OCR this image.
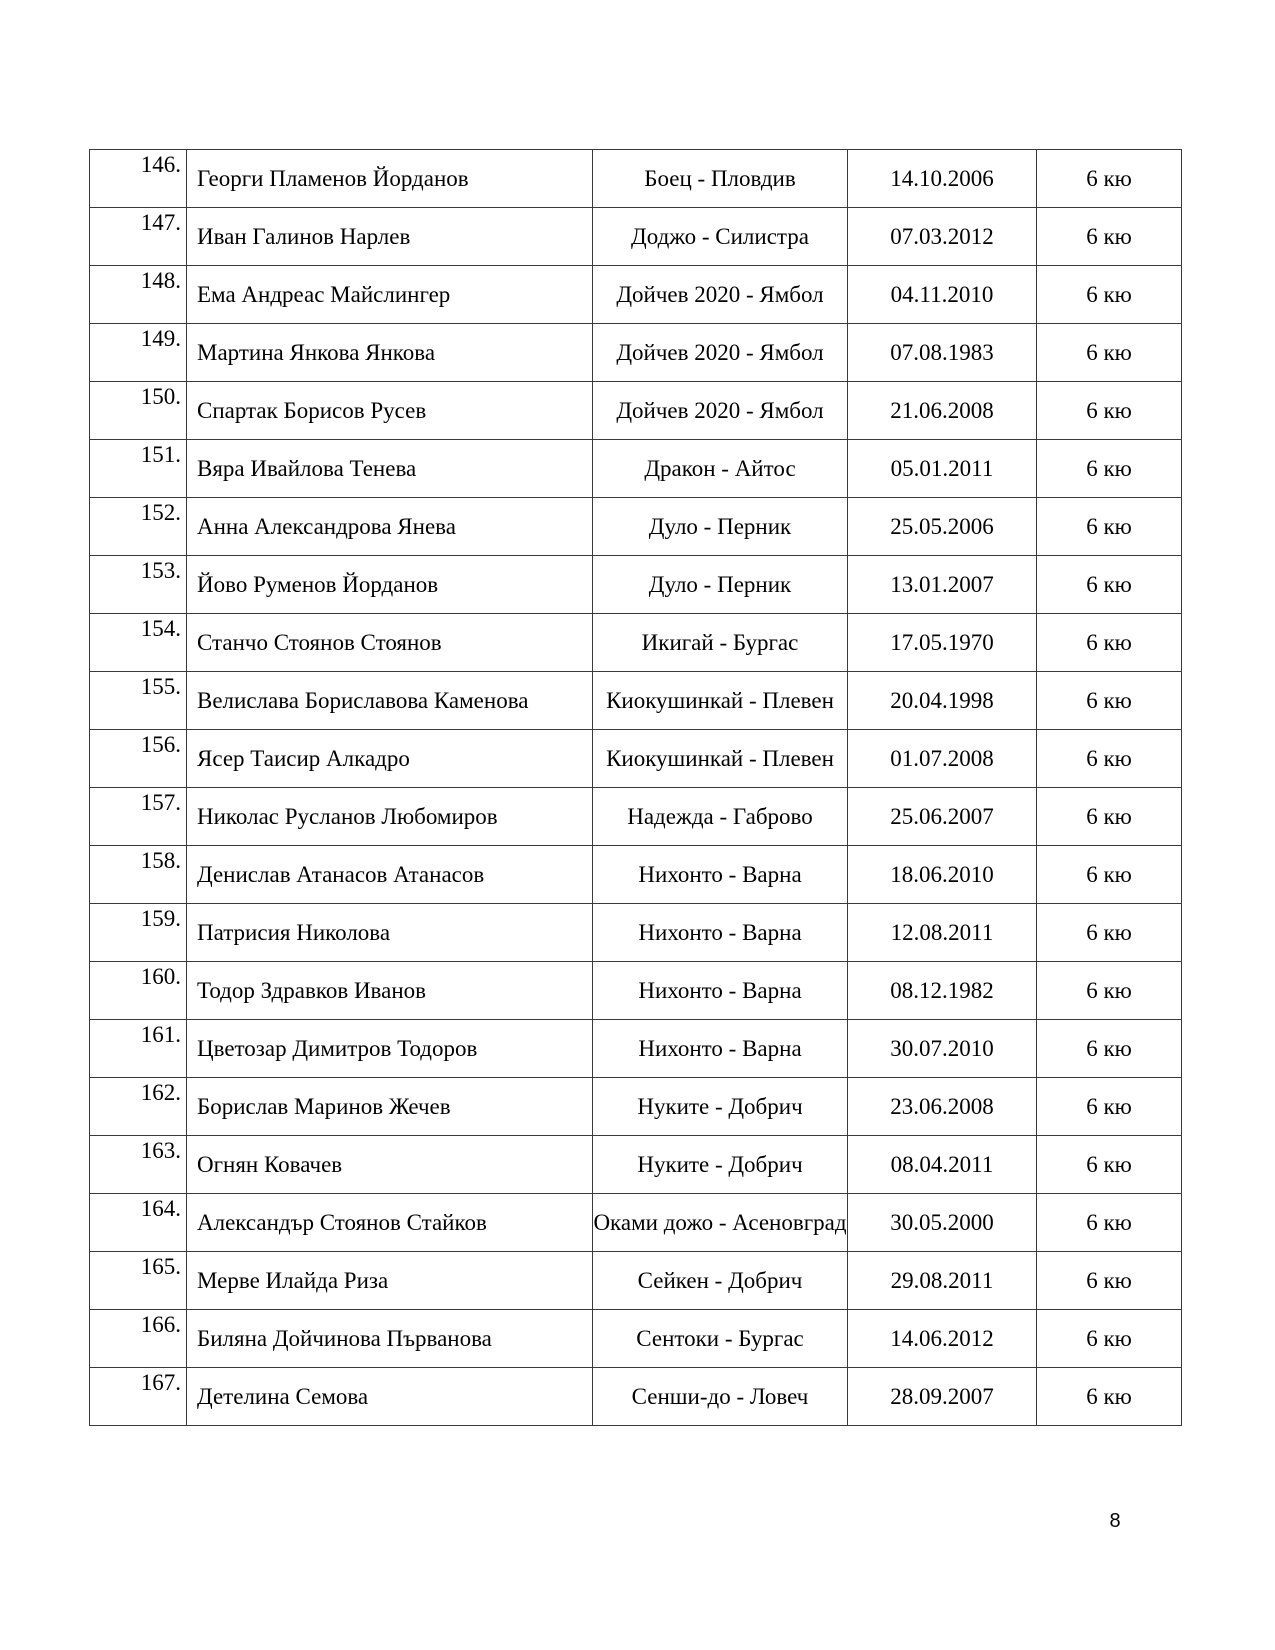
146.	Георги Пламенов Йорданов	Боец - Пловдив	14.10.2006	6 кю
147.	Иван Галинов Нарлев	Доджо - Силистра	07.03.2012	6 кю
148.	Ема Андреас Майслингер	Дойчев 2020 - Ямбол	04.11.2010	6 кю
149.	Мартина Янкова Янкова	Дойчев 2020 - Ямбол	07.08.1983	6 кю
150.	Спартак Борисов Русев	Дойчев 2020 - Ямбол	21.06.2008	6 кю
151.	Вяра Ивайлова Тенева	Дракон - Айтос	05.01.2011	6 кю
152.	Анна Александрова Янева	Дуло - Перник	25.05.2006	6 кю
153.	Йово Руменов Йорданов	Дуло - Перник	13.01.2007	6 кю
154.	Станчо Стоянов Стоянов	Икигай - Бургас	17.05.1970	6 кю
155.	Велислава Бориславова Каменова	Киокушинкай - Плевен	20.04.1998	6 кю
156.	Ясер Таисир Алкадро	Киокушинкай - Плевен	01.07.2008	6 кю
157.	Николас Русланов Любомиров	Надежда - Габрово	25.06.2007	6 кю
158.	Денислав Атанасов Атанасов	Нихонто - Варна	18.06.2010	6 кю
159.	Патрисия Николова	Нихонто - Варна	12.08.2011	6 кю
160.	Тодор Здравков Иванов	Нихонто - Варна	08.12.1982	6 кю
161.	Цветозар Димитров Тодоров	Нихонто - Варна	30.07.2010	6 кю
162.	Борислав Маринов Жечев	Нуките - Добрич	23.06.2008	6 кю
163.	Огнян Ковачев	Нуките - Добрич	08.04.2011	6 кю
164.	Александър Стоянов Стайков	Оками дожо - Асеновград	30.05.2000	6 кю
165.	Мерве Илайда Риза	Сейкен - Добрич	29.08.2011	6 кю
166.	Биляна Дойчинова Първанова	Сентоки - Бургас	14.06.2012	6 кю
167.	Детелина Семова	Сенши-до - Ловеч	28.09.2007	6 кю
8
